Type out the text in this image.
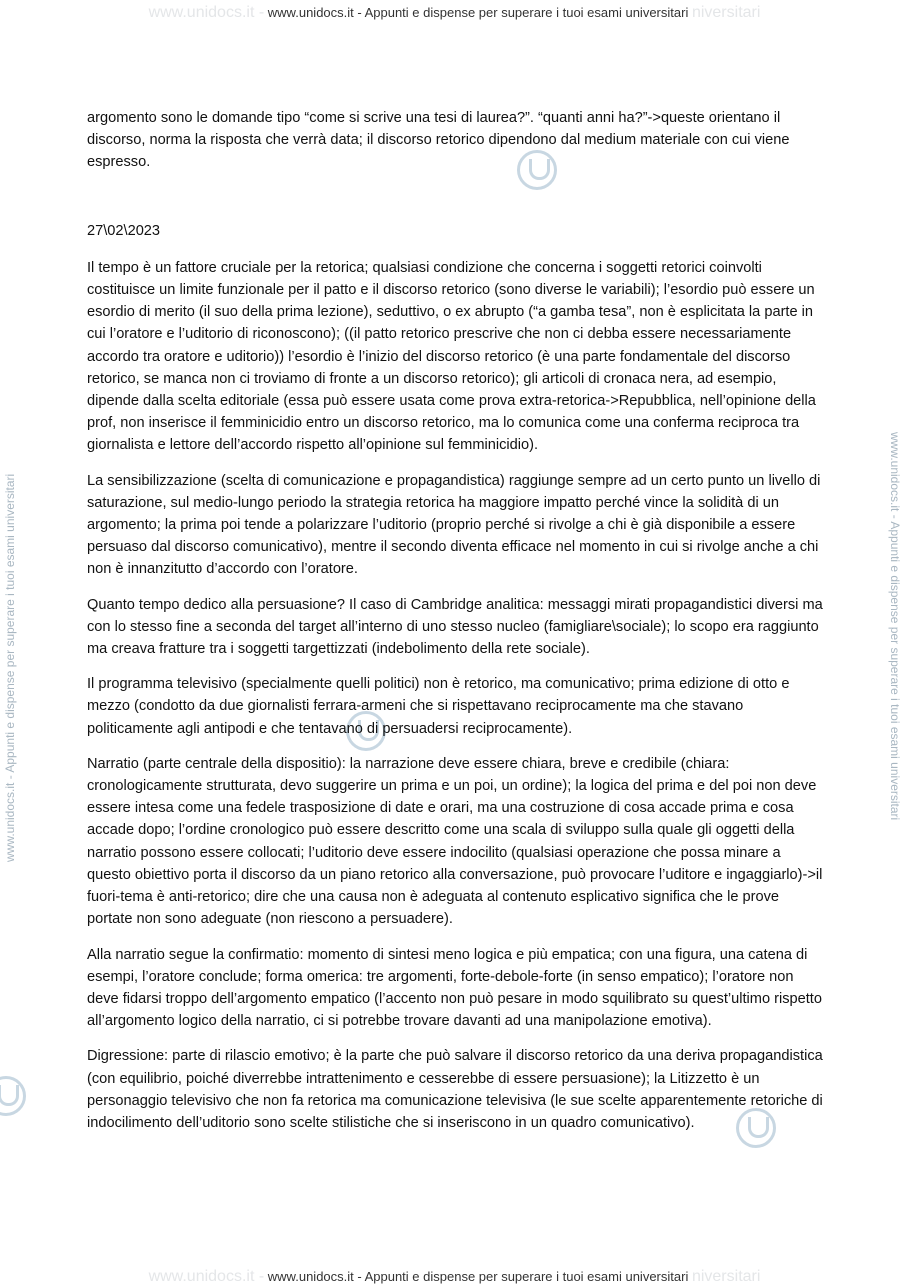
www.unidocs.it - www.unidocs.it - Appunti e dispense per superare i tuoi esami universitari niversitari
www.unidocs.it - Appunti e dispense per superare i tuoi esami universitari	www.unidocs.it - Appunti e dispense per superare i tuoi esami universitari

argomento sono le domande tipo “come si scrive una tesi di laurea?”. “quanti anni ha?”->queste orientano il discorso, norma la risposta che verrà data; il discorso retorico dipendono dal medium materiale con cui viene espresso.

27\02\2023

Il tempo è un fattore cruciale per la retorica; qualsiasi condizione che concerna i soggetti retorici coinvolti costituisce un limite funzionale per il patto e il discorso retorico (sono diverse le variabili); l’esordio può essere un esordio di merito (il suo della prima lezione), seduttivo, o ex abrupto (“a gamba tesa”, non è esplicitata la parte in cui l’oratore e l’uditorio di riconoscono); ((il patto retorico prescrive che non ci debba essere necessariamente accordo tra oratore e uditorio)) l’esordio è l’inizio del discorso retorico (è una parte fondamentale del discorso retorico, se manca non ci troviamo di fronte a un discorso retorico); gli articoli di cronaca nera, ad esempio, dipende dalla scelta editoriale (essa può essere usata come prova extra-retorica->Repubblica, nell’opinione della prof, non inserisce il femminicidio entro un discorso retorico, ma lo comunica come una conferma reciproca tra giornalista e lettore dell’accordo rispetto all’opinione sul femminicidio).

La sensibilizzazione (scelta di comunicazione e propagandistica) raggiunge sempre ad un certo punto un livello di saturazione, sul medio-lungo periodo la strategia retorica ha maggiore impatto perché vince la solidità di un argomento; la prima poi tende a polarizzare l’uditorio (proprio perché si rivolge a chi è già disponibile a essere persuaso dal discorso comunicativo), mentre il secondo diventa efficace nel momento in cui si rivolge anche a chi non è innanzitutto d’accordo con l’oratore.

Quanto tempo dedico alla persuasione? Il caso di Cambridge analitica: messaggi mirati propagandistici diversi ma con lo stesso fine a seconda del target all’interno di uno stesso nucleo (famigliare\sociale); lo scopo era raggiunto ma creava fratture tra i soggetti targettizzati (indebolimento della rete sociale).

Il programma televisivo (specialmente quelli politici) non è retorico, ma comunicativo; prima edizione di otto e mezzo (condotto da due giornalisti ferrara-armeni che si rispettavano reciprocamente ma che stavano politicamente agli antipodi e che tentavano di persuadersi reciprocamente).

Narratio (parte centrale della dispositio): la narrazione deve essere chiara, breve e credibile (chiara: cronologicamente strutturata, devo suggerire un prima e un poi, un ordine); la logica del prima e del poi non deve essere intesa come una fedele trasposizione di date e orari, ma una costruzione di cosa accade prima e cosa accade dopo; l’ordine cronologico può essere descritto come una scala di sviluppo sulla quale gli oggetti della narratio possono essere collocati; l’uditorio deve essere indocilito (qualsiasi operazione che possa minare a questo obiettivo porta il discorso da un piano retorico alla conversazione, può provocare l’uditore e ingaggiarlo)->il fuori-tema è anti-retorico; dire che una causa non è adeguata al contenuto esplicativo significa che le prove portate non sono adeguate (non riescono a persuadere).

Alla narratio segue la confirmatio: momento di sintesi meno logica e più empatica; con una figura, una catena di esempi, l’oratore conclude; forma omerica: tre argomenti, forte-debole-forte (in senso empatico); l’oratore non deve fidarsi troppo dell’argomento empatico (l’accento non può pesare in modo squilibrato su quest’ultimo rispetto all’argomento logico della narratio, ci si potrebbe trovare davanti ad una manipolazione emotiva).

Digressione: parte di rilascio emotivo; è la parte che può salvare il discorso retorico da una deriva propagandistica (con equilibrio, poiché diverrebbe intrattenimento e cesserebbe di essere persuasione); la Litizzetto è un personaggio televisivo che non fa retorica ma comunicazione televisiva (le sue scelte apparentemente retoriche di indocilimento dell’uditorio sono scelte stilistiche che si inseriscono in un quadro comunicativo).

www.unidocs.it - www.unidocs.it - Appunti e dispense per superare i tuoi esami universitari niversitari
